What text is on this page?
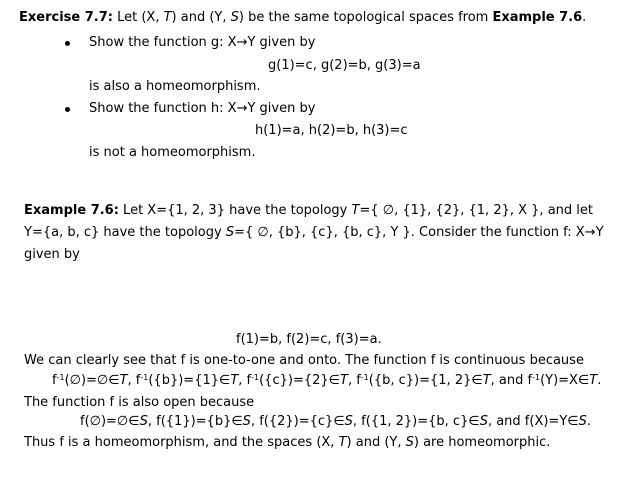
Exercise 7.7: Let (X, T) and (Y, S) be the same topological spaces from Example 7.6.
Show the function g: X→Y given by
g(1)=c, g(2)=b, g(3)=a
is also a homeomorphism.
Show the function h: X→Y given by
h(1)=a, h(2)=b, h(3)=c
is not a homeomorphism.
Example 7.6: Let X={1, 2, 3} have the topology T={ ∅, {1}, {2}, {1, 2}, X }, and let
Y={a, b, c} have the topology S={ ∅, {b}, {c}, {b, c}, Y }. Consider the function f: X→Y
given by
f(1)=b, f(2)=c, f(3)=a.
We can clearly see that f is one-to-one and onto. The function f is continuous because
$f^{-1}(\emptyset)=\emptyset\in T$, $f^{-1}(\{b\})=\{1\}\in T$, $f^{-1}(\{c\})=\{2\}\in T$, $f^{-1}(\{b$, c})={1, 2}∈T, and $f^{-1}(Y)=X\in T$.
The function f is also open because
f(∅)=∅∈S, f({1})={b}∈S, f({2})={c}∈S, f({1, 2})={b, c}∈S, and f(X)=Y∈S.
Thus f is a homeomorphism, and the spaces (X, T) and (Y, S) are homeomorphic.
